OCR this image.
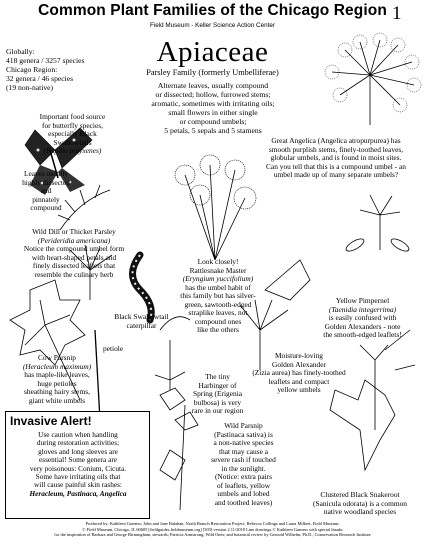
Common Plant Families of the Chicago Region
Field Museum - Keller Science Action Center
1
Apiaceae
Parsley Family (formerly Umbelliferae)
Globally:
418 genera / 3257 species
Chicago Region:
32 genera / 46 species
(19 non-native)	Alternate leaves, usually compound
or dissected; hollow, furrowed stems;
aromatic, sometimes with irritating oils;
small flowers in either single
or compound umbels;
5 petals, 5 sepals and 5 stamens
Important food source
for butterfly species,
especially Black
Swallowtails
(Papilio polyxenes)
Leaves usually
highly dissected
and
pinnately
compound
Great Angelica (Angelica atropurpurea) has
smooth purplish stems, finely-toothed leaves,
globular umbels, and is found in moist sites.
Can you tell that this is a compound umbel - an
umbel made up of many separate umbels?
Wild Dill or Thicket Parsley
(Perideridia americana)
Notice the compound umbel form
with heart-shaped petals and
finely dissected leaflets that
resemble the culinary herb
Look closely!
Rattlesnake Master
(Eryngium yuccifolium)
has the umbel habit of
this family but has silver-
green, sawtooth-edged
straplike leaves, not
compound ones
like the others
Black Swallowtail
caterpillar
Yellow Pimpernel
(Taenidia integerrima)
is easily confused with
Golden Alexanders - note
the smooth-edged leaflets!
Moisture-loving
Golden Alexander
(Zizia aurea) has finely-toothed
leaflets and compact
yellow umbels
petiole
Cow Parsnip
(Heracleum maximum)
has maple-like leaves,
huge petioles
sheathing hairy stems,
giant white umbels
The tiny
Harbinger of
Spring (Erigenia
bulbosa) is very
rare in our region
Wild Parsnip
(Pastinaca sativa) is
a non-native species
that may cause a
severe rash if touched
in the sunlight.
(Notice: extra pairs
of leaflets, yellow
umbels and lobed
and toothed leaves)
Clustered Black Snakeroot
(Sanicula odorata) is a common
native woodland species
Invasive Alert!
Use caution when handling
during restoration activities;
gloves and long sleeves are
essential! Some genera are
very poisonous: Conium, Cicuta.
Some have irritating oils that
will cause painful skin rashes:
Heracleum, Pastinaca, Angelica
Produced by: Kathleen Garness; John and Jane Balaban, North Branch Restoration Project; Rebecca Collings and Laura Milkert, Field Museum;
© Field Museum, Chicago, IL 60605 [fieldguides.fieldmuseum.org] [503] version 2 11/2018 Line drawings © Kathleen Garness with special thanks
for the inspiration of Barbara and George Birmingham, stewards; Patricia Armstrong, Wild Ones; and botanical review by Gerould Wilhelm, Ph.D., Conservation Research Institute
